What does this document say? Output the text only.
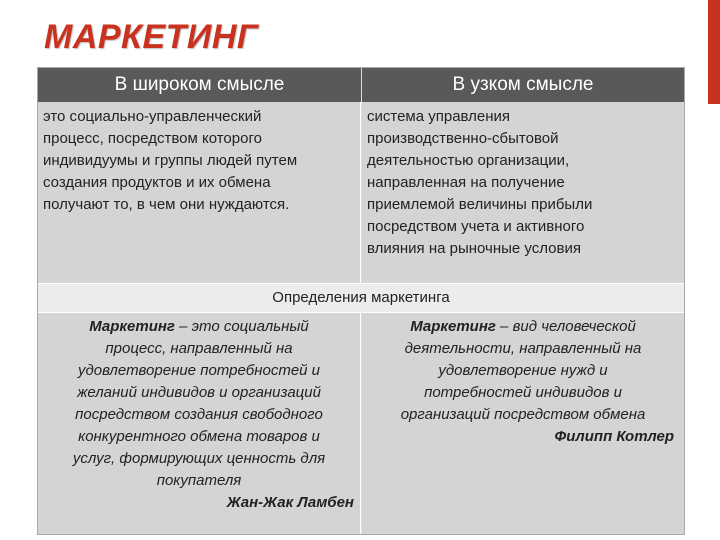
МАРКЕТИНГ
В широком смысле	В узком смысле
это социально-управленческий
процесс, посредством которого
индивидуумы и группы людей путем
создания продуктов и их обмена
получают то, в чем они нуждаются.
система управления
производственно-сбытовой
деятельностью организации,
направленная на получение
приемлемой величины прибыли
посредством учета и активного
влияния на рыночные условия
Определения маркетинга
Маркетинг – это социальный
процесс, направленный на
удовлетворение потребностей и
желаний индивидов и организаций
посредством создания свободного
конкурентного обмена товаров и
услуг, формирующих ценность для
покупателя
Жан-Жак Ламбен
Маркетинг – вид человеческой
деятельности, направленный на
удовлетворение нужд и
потребностей индивидов и
организаций посредством обмена
Филипп Котлер
